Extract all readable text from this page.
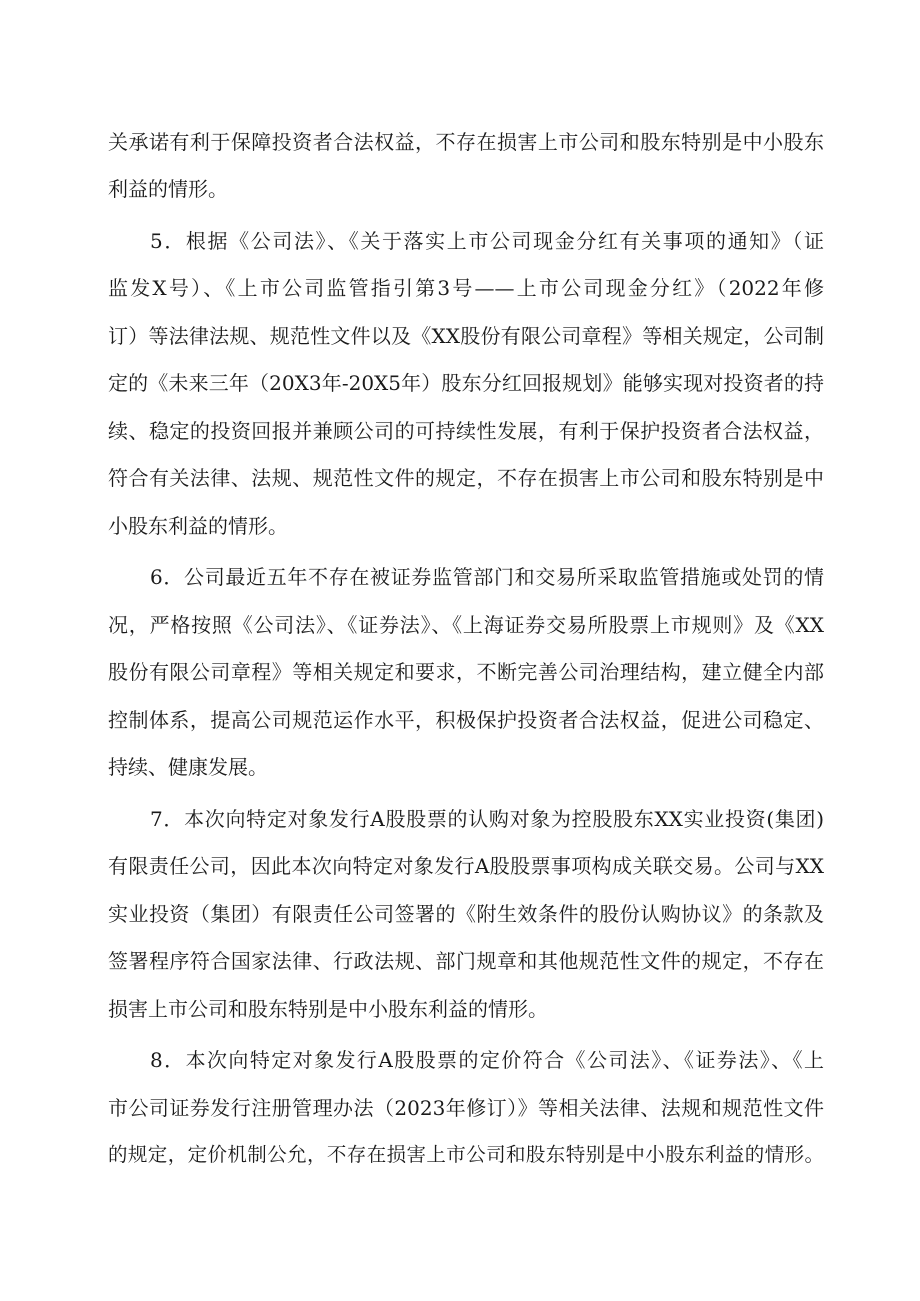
关承诺有利于保障投资者合法权益，不存在损害上市公司和股东特别是中小股东
利益的情形。
5．根据《公司法》、《关于落实上市公司现金分红有关事项的通知》（证
监发X号）、《上市公司监管指引第3号——上市公司现金分红》（2022年修
订）等法律法规、规范性文件以及《XX股份有限公司章程》等相关规定，公司制
定的《未来三年（20X3年-20X5年）股东分红回报规划》能够实现对投资者的持
续、稳定的投资回报并兼顾公司的可持续性发展，有利于保护投资者合法权益，
符合有关法律、法规、规范性文件的规定，不存在损害上市公司和股东特别是中
小股东利益的情形。
6．公司最近五年不存在被证券监管部门和交易所采取监管措施或处罚的情
况，严格按照《公司法》、《证券法》、《上海证券交易所股票上市规则》及《XX
股份有限公司章程》等相关规定和要求，不断完善公司治理结构，建立健全内部
控制体系，提高公司规范运作水平，积极保护投资者合法权益，促进公司稳定、
持续、健康发展。
7．本次向特定对象发行A股股票的认购对象为控股股东XX实业投资(集团)
有限责任公司，因此本次向特定对象发行A股股票事项构成关联交易。公司与XX
实业投资（集团）有限责任公司签署的《附生效条件的股份认购协议》的条款及
签署程序符合国家法律、行政法规、部门规章和其他规范性文件的规定，不存在
损害上市公司和股东特别是中小股东利益的情形。
8．本次向特定对象发行A股股票的定价符合《公司法》、《证券法》、《上
市公司证券发行注册管理办法（2023年修订）》等相关法律、法规和规范性文件
的规定，定价机制公允，不存在损害上市公司和股东特别是中小股东利益的情形。
